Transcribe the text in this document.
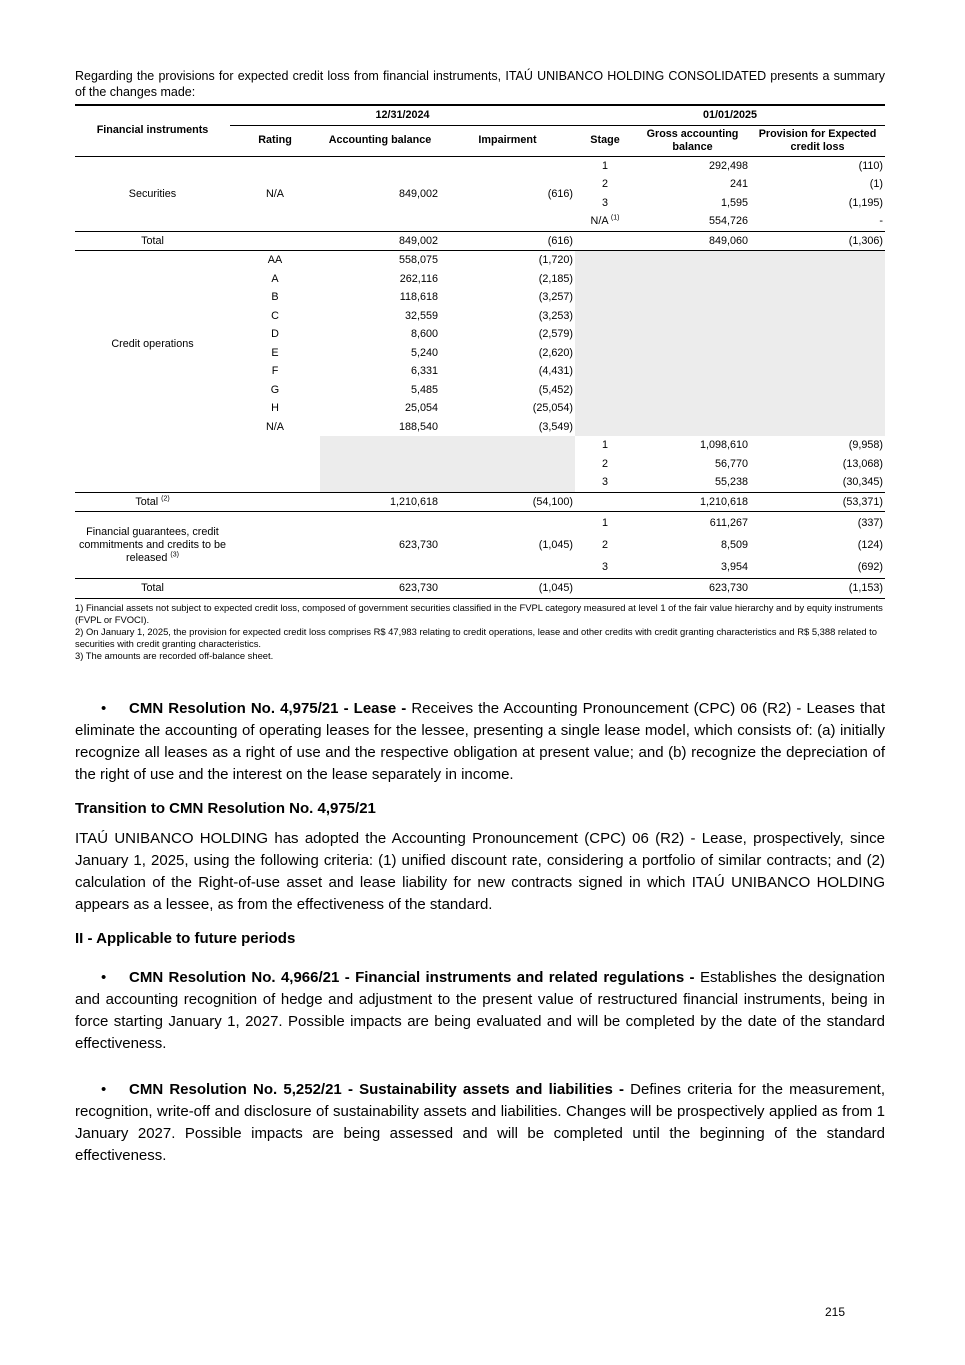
Regarding the provisions for expected credit loss from financial instruments, ITAÚ UNIBANCO HOLDING CONSOLIDATED presents a summary of the changes made:

Financial instruments	12/31/2024			01/01/2025		
	Rating	Accounting balance	Impairment	Stage	Gross accounting balance	Provision for Expected credit loss
Securities	N/A	849,002	(616)	1	292,498	(110)
				2	241	(1)
				3	1,595	(1,195)
				N/A $^{(1)}$	554,726	-
Total		849,002	(616)		849,060	(1,306)
Credit operations	AA	558,075	(1,720)			
	A	262,116	(2,185)			
	B	118,618	(3,257)			
	C	32,559	(3,253)			
	D	8,600	(2,579)			
	E	5,240	(2,620)			
	F	6,331	(4,431)			
	G	5,485	(5,452)			
	H	25,054	(25,054)			
	N/A	188,540	(3,549)			
				1	1,098,610	(9,958)
				2	56,770	(13,068)
				3	55,238	(30,345)
Total $^{(2)}$		1,210,618	(54,100)		1,210,618	(53,371)
Financial guarantees, credit commitments and credits to be released $^{(3)}$		623,730	(1,045)	1	611,267	(337)
				2	8,509	(124)
				3	3,954	(692)
Total		623,730	(1,045)		623,730	(1,153)
1) Financial assets not subject to expected credit loss, composed of government securities classified in the FVPL category measured at level 1 of the fair value hierarchy and by equity instruments (FVPL or FVOCI).
2) On January 1, 2025, the provision for expected credit loss comprises R$ 47,983 relating to credit operations, lease and other credits with credit granting characteristics and R$ 5,388 related to securities with credit granting characteristics.
3) The amounts are recorded off-balance sheet.
• CMN Resolution No. 4,975/21 - Lease - Receives the Accounting Pronouncement (CPC) 06 (R2) - Leases that eliminate the accounting of operating leases for the lessee, presenting a single lease model, which consists of: (a) initially recognize all leases as a right of use and the respective obligation at present value; and (b) recognize the depreciation of the right of use and the interest on the lease separately in income.

Transition to CMN Resolution No. 4,975/21

ITAÚ UNIBANCO HOLDING has adopted the Accounting Pronouncement (CPC) 06 (R2) - Lease, prospectively, since January 1, 2025, using the following criteria: (1) unified discount rate, considering a portfolio of similar contracts; and (2) calculation of the Right-of-use asset and lease liability for new contracts signed in which ITAÚ UNIBANCO HOLDING appears as a lessee, as from the effectiveness of the standard.

II - Applicable to future periods

• CMN Resolution No. 4,966/21 - Financial instruments and related regulations - Establishes the designation and accounting recognition of hedge and adjustment to the present value of restructured financial instruments, being in force starting January 1, 2027. Possible impacts are being evaluated and will be completed by the date of the standard effectiveness.
• CMN Resolution No. 5,252/21 - Sustainability assets and liabilities - Defines criteria for the measurement, recognition, write-off and disclosure of sustainability assets and liabilities. Changes will be prospectively applied as from 1 January 2027. Possible impacts are being assessed and will be completed until the beginning of the standard effectiveness.
215
